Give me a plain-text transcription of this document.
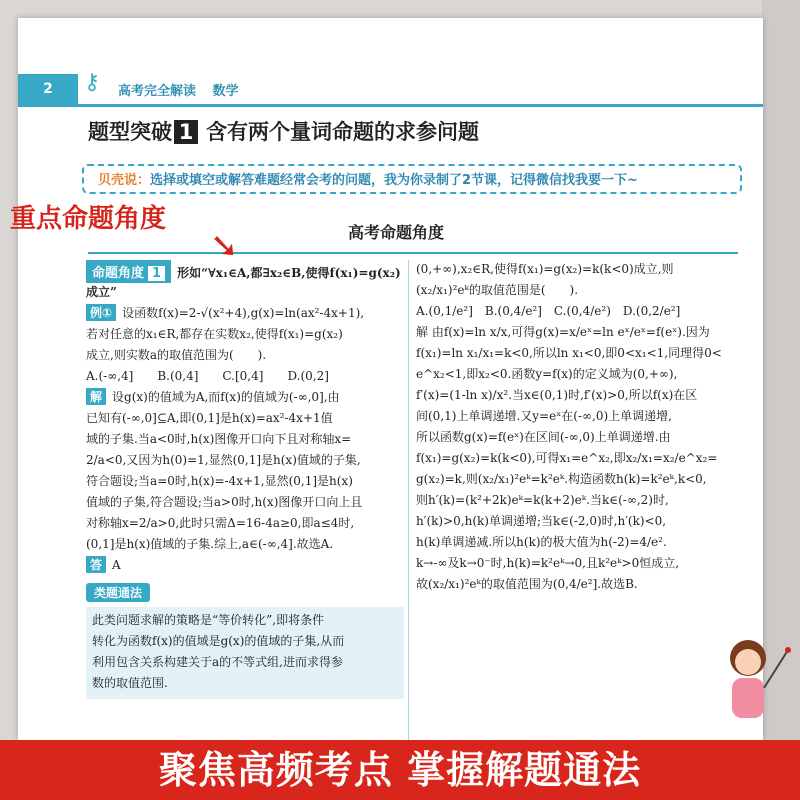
2	⚷	高考完全解读 数学
题型突破 1 含有两个量词命题的求参问题
贝壳说：选择或填空或解答难题经常会考的问题，我为你录制了2节课，记得微信找我要一下~
高考命题角度
命题角度 1 形如“∀x₁∈A,都∃x₂∈B,使得f(x₁)=g(x₂)成立”
例① 设函数f(x)=2-√(x²+4),g(x)=ln(ax²-4x+1),
若对任意的x₁∈R,都存在实数x₂,使得f(x₁)=g(x₂)
成立,则实数a的取值范围为(　　).
A.(-∞,4]　　B.(0,4]　　C.[0,4]　　D.(0,2]
解 设g(x)的值域为A,而f(x)的值域为(-∞,0],由
已知有(-∞,0]⊆A,即(0,1]是h(x)=ax²-4x+1值
域的子集.当a<0时,h(x)图像开口向下且对称轴x=
2/a<0,又因为h(0)=1,显然(0,1]是h(x)值域的子集,
符合题设;当a=0时,h(x)=-4x+1,显然(0,1]是h(x)
值域的子集,符合题设;当a>0时,h(x)图像开口向上且
对称轴x=2/a>0,此时只需Δ=16-4a≥0,即a≤4时,
(0,1]是h(x)值域的子集.综上,a∈(-∞,4].故选A.
答 A
类题通法
此类问题求解的策略是“等价转化”,即将条件
转化为函数f(x)的值域是g(x)的值域的子集,从而
利用包含关系构建关于a的不等式组,进而求得参
数的取值范围.
(0,+∞),x₂∈R,使得f(x₁)=g(x₂)=k(k<0)成立,则
(x₂/x₁)²eᵏ的取值范围是(　　).
A.(0,1/e²]　B.(0,4/e²]　C.(0,4/e²)　D.(0,2/e²]
解 由f(x)=ln x/x,可得g(x)=x/eˣ=ln eˣ/eˣ=f(eˣ).因为
f(x₁)=ln x₁/x₁=k<0,所以ln x₁<0,即0<x₁<1,同理得0<
e^x₂<1,即x₂<0.函数y=f(x)的定义域为(0,+∞),
f′(x)=(1-ln x)/x².当x∈(0,1)时,f′(x)>0,所以f(x)在区
间(0,1)上单调递增.又y=eˣ在(-∞,0)上单调递增,
所以函数g(x)=f(eˣ)在区间(-∞,0)上单调递增.由
f(x₁)=g(x₂)=k(k<0),可得x₁=e^x₂,即x₂/x₁=x₂/e^x₂=
g(x₂)=k,则(x₂/x₁)²eᵏ=k²eᵏ.构造函数h(k)=k²eᵏ,k<0,
则h′(k)=(k²+2k)eᵏ=k(k+2)eᵏ.当k∈(-∞,2)时,
h′(k)>0,h(k)单调递增;当k∈(-2,0)时,h′(k)<0,
h(k)单调递减.所以h(k)的极大值为h(-2)=4/e².
k→-∞及k→0⁻时,h(k)=k²eᵏ→0,且k²eᵏ>0恒成立,
故(x₂/x₁)²eᵏ的取值范围为(0,4/e²].故选B.
重点命题角度
➘
聚焦高频考点 掌握解题通法
